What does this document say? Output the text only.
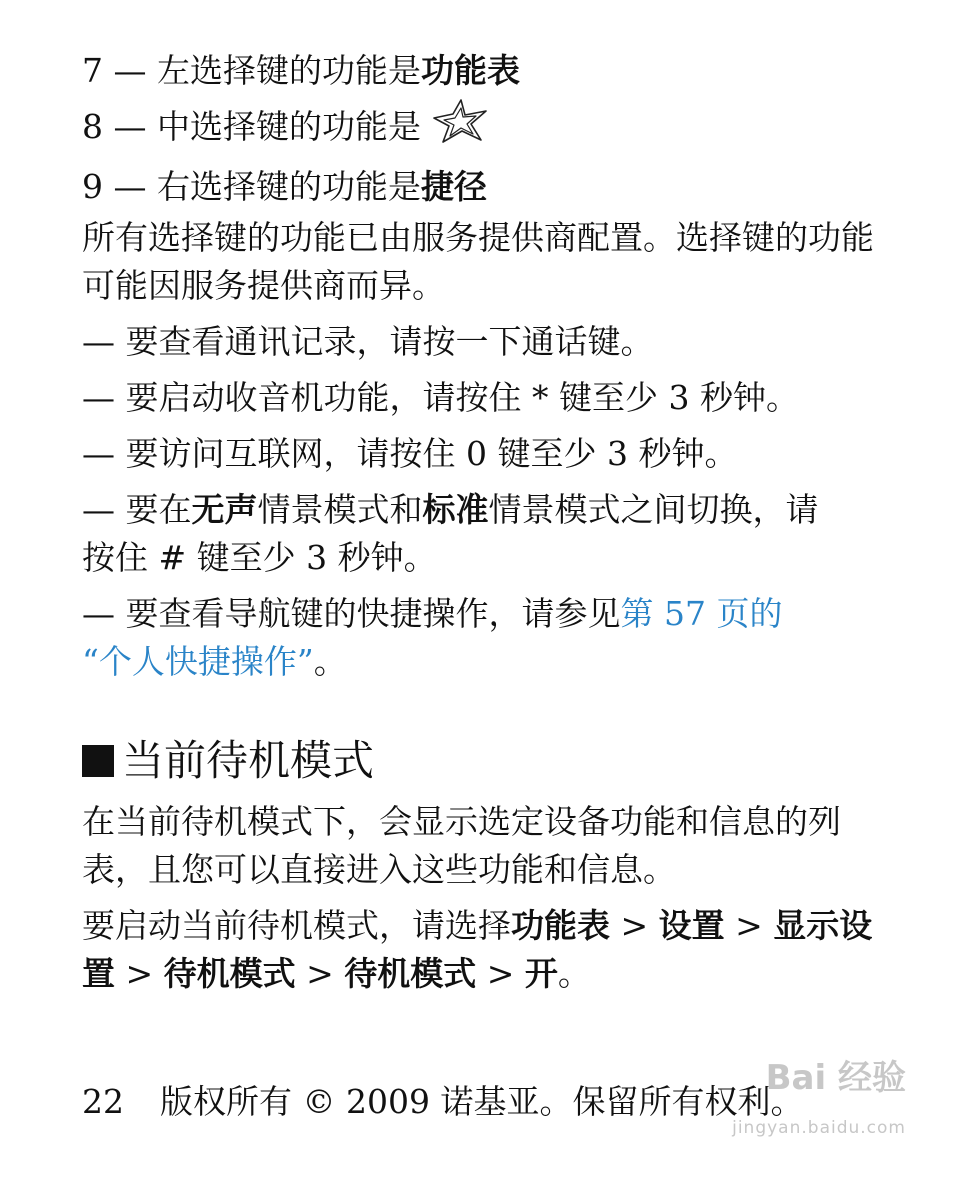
7 — 左选择键的功能是功能表
8 — 中选择键的功能是
9 — 右选择键的功能是捷径
所有选择键的功能已由服务提供商配置。选择键的功能可能因服务提供商而异。
— 要查看通讯记录，请按一下通话键。
— 要启动收音机功能，请按住 * 键至少 3 秒钟。
— 要访问互联网，请按住 0 键至少 3 秒钟。
— 要在无声情景模式和标准情景模式之间切换，请
按住 # 键至少 3 秒钟。
— 要查看导航键的快捷操作，请参见第 57 页的
“个人快捷操作”。
当前待机模式
在当前待机模式下，会显示选定设备功能和信息的列表，且您可以直接进入这些功能和信息。
要启动当前待机模式，请选择功能表 > 设置 > 显示设置 > 待机模式 > 待机模式 > 开。
22 版权所有 © 2009 诺基亚。保留所有权利。
Bai 经验
jingyan.baidu.com
